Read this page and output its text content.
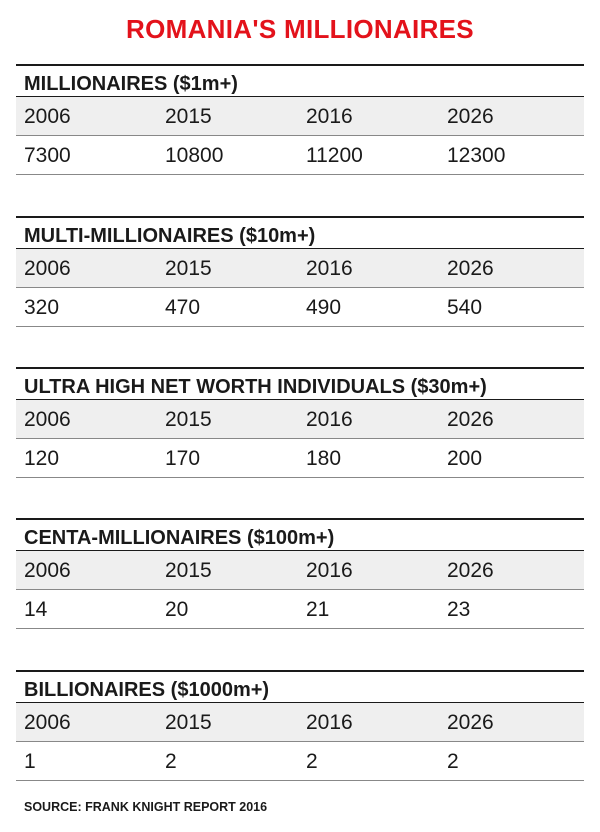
ROMANIA'S MILLIONAIRES
MILLIONAIRES ($1m+)
2006	2015	2016	2026
7300	10800	11200	12300
MULTI-MILLIONAIRES ($10m+)
2006	2015	2016	2026
320	470	490	540
ULTRA HIGH NET WORTH INDIVIDUALS ($30m+)
2006	2015	2016	2026
120	170	180	200
CENTA-MILLIONAIRES ($100m+)
2006	2015	2016	2026
14	20	21	23
BILLIONAIRES ($1000m+)
2006	2015	2016	2026
1	2	2	2
SOURCE: FRANK KNIGHT REPORT 2016
